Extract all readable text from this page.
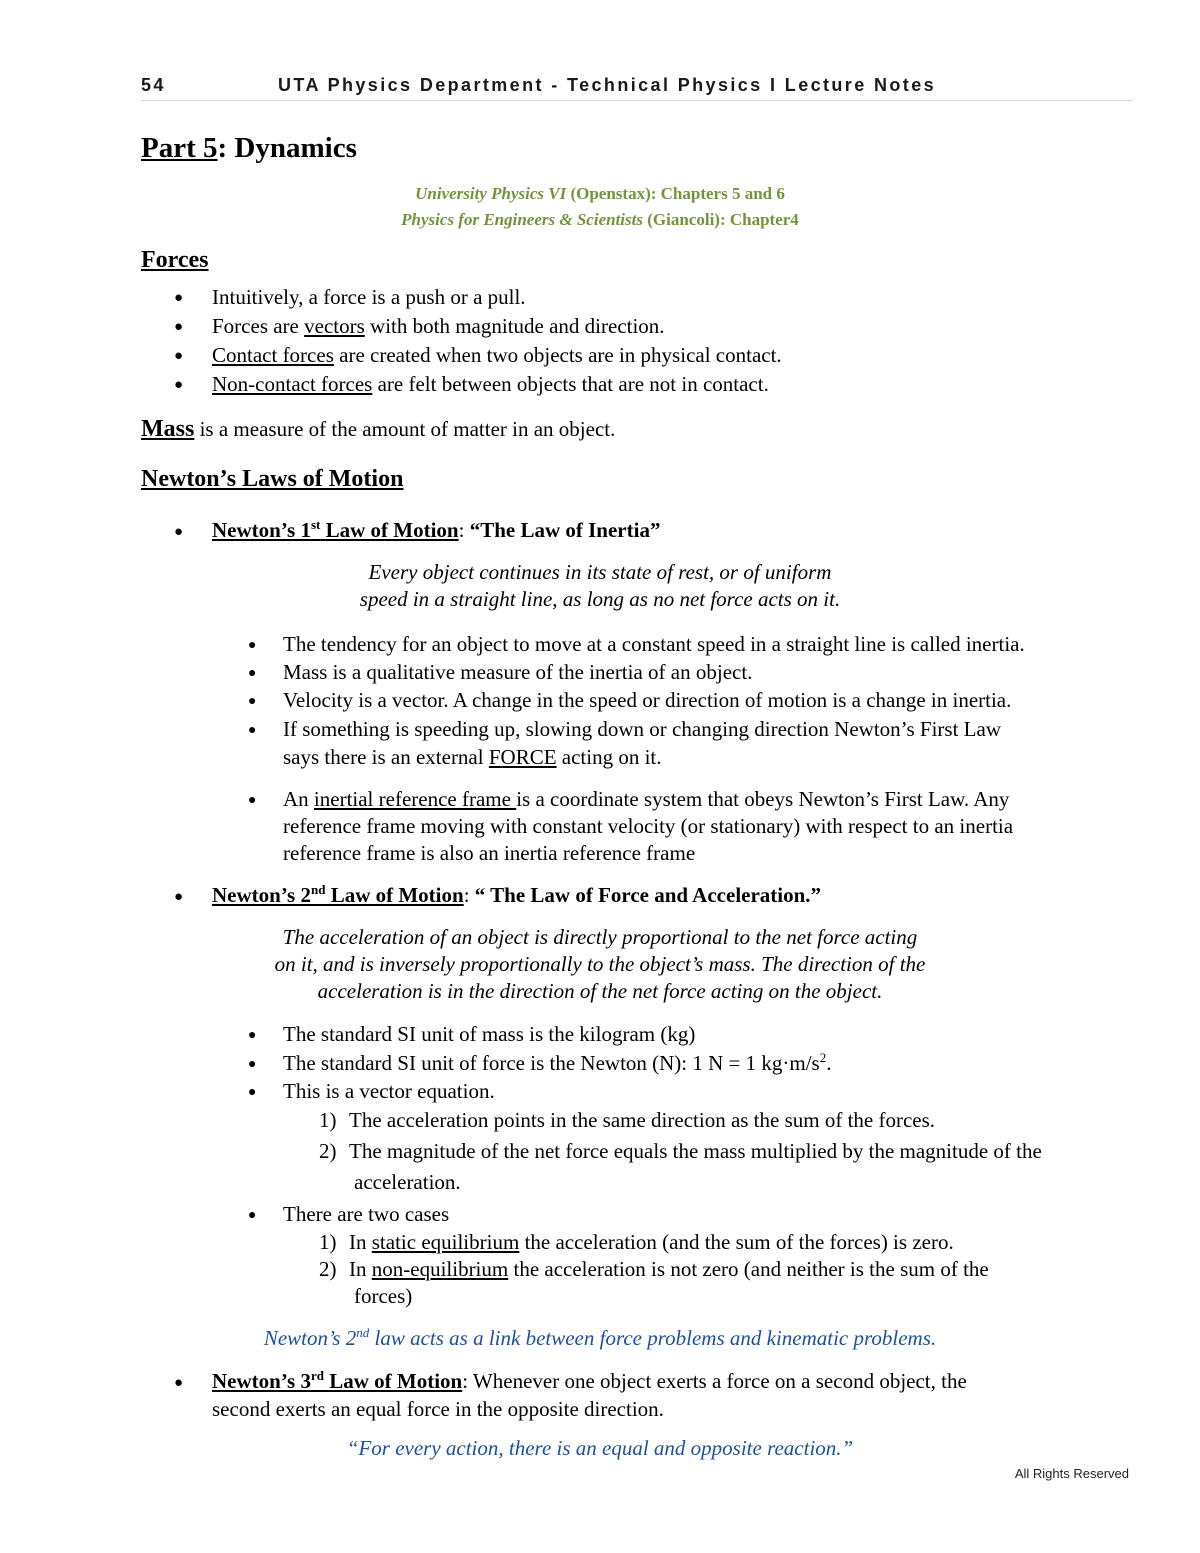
54	UTA Physics Department - Technical Physics I Lecture Notes
Part 5: Dynamics
University Physics VI (Openstax): Chapters 5 and 6
Physics for Engineers & Scientists (Giancoli): Chapter4
Forces
● Intuitively, a force is a push or a pull.
● Forces are vectors with both magnitude and direction.
● Contact forces are created when two objects are in physical contact.
● Non-contact forces are felt between objects that are not in contact.
Mass is a measure of the amount of matter in an object.
Newton’s Laws of Motion
● Newton’s 1st Law of Motion: “The Law of Inertia”
Every object continues in its state of rest, or of uniform
speed in a straight line, as long as no net force acts on it.
● The tendency for an object to move at a constant speed in a straight line is called inertia.
● Mass is a qualitative measure of the inertia of an object.
● Velocity is a vector. A change in the speed or direction of motion is a change in inertia.
● If something is speeding up, slowing down or changing direction Newton’s First Law
says there is an external FORCE acting on it.
● An inertial reference frame is a coordinate system that obeys Newton’s First Law. Any
reference frame moving with constant velocity (or stationary) with respect to an inertia
reference frame is also an inertia reference frame
● Newton’s 2nd Law of Motion: “ The Law of Force and Acceleration.”
The acceleration of an object is directly proportional to the net force acting
on it, and is inversely proportionally to the object’s mass. The direction of the
acceleration is in the direction of the net force acting on the object.
● The standard SI unit of mass is the kilogram (kg)
● The standard SI unit of force is the Newton (N): 1 N = 1 $kg\cdot m/s^2$.
● This is a vector equation.
1) The acceleration points in the same direction as the sum of the forces.
2) The magnitude of the net force equals the mass multiplied by the magnitude of the
acceleration.
● There are two cases
1) In static equilibrium the acceleration (and the sum of the forces) is zero.
2) In non-equilibrium the acceleration is not zero (and neither is the sum of the
forces)
Newton’s 2nd law acts as a link between force problems and kinematic problems.
● Newton’s 3rd Law of Motion: Whenever one object exerts a force on a second object, the
second exerts an equal force in the opposite direction.
“For every action, there is an equal and opposite reaction.”
All Rights Reserved
